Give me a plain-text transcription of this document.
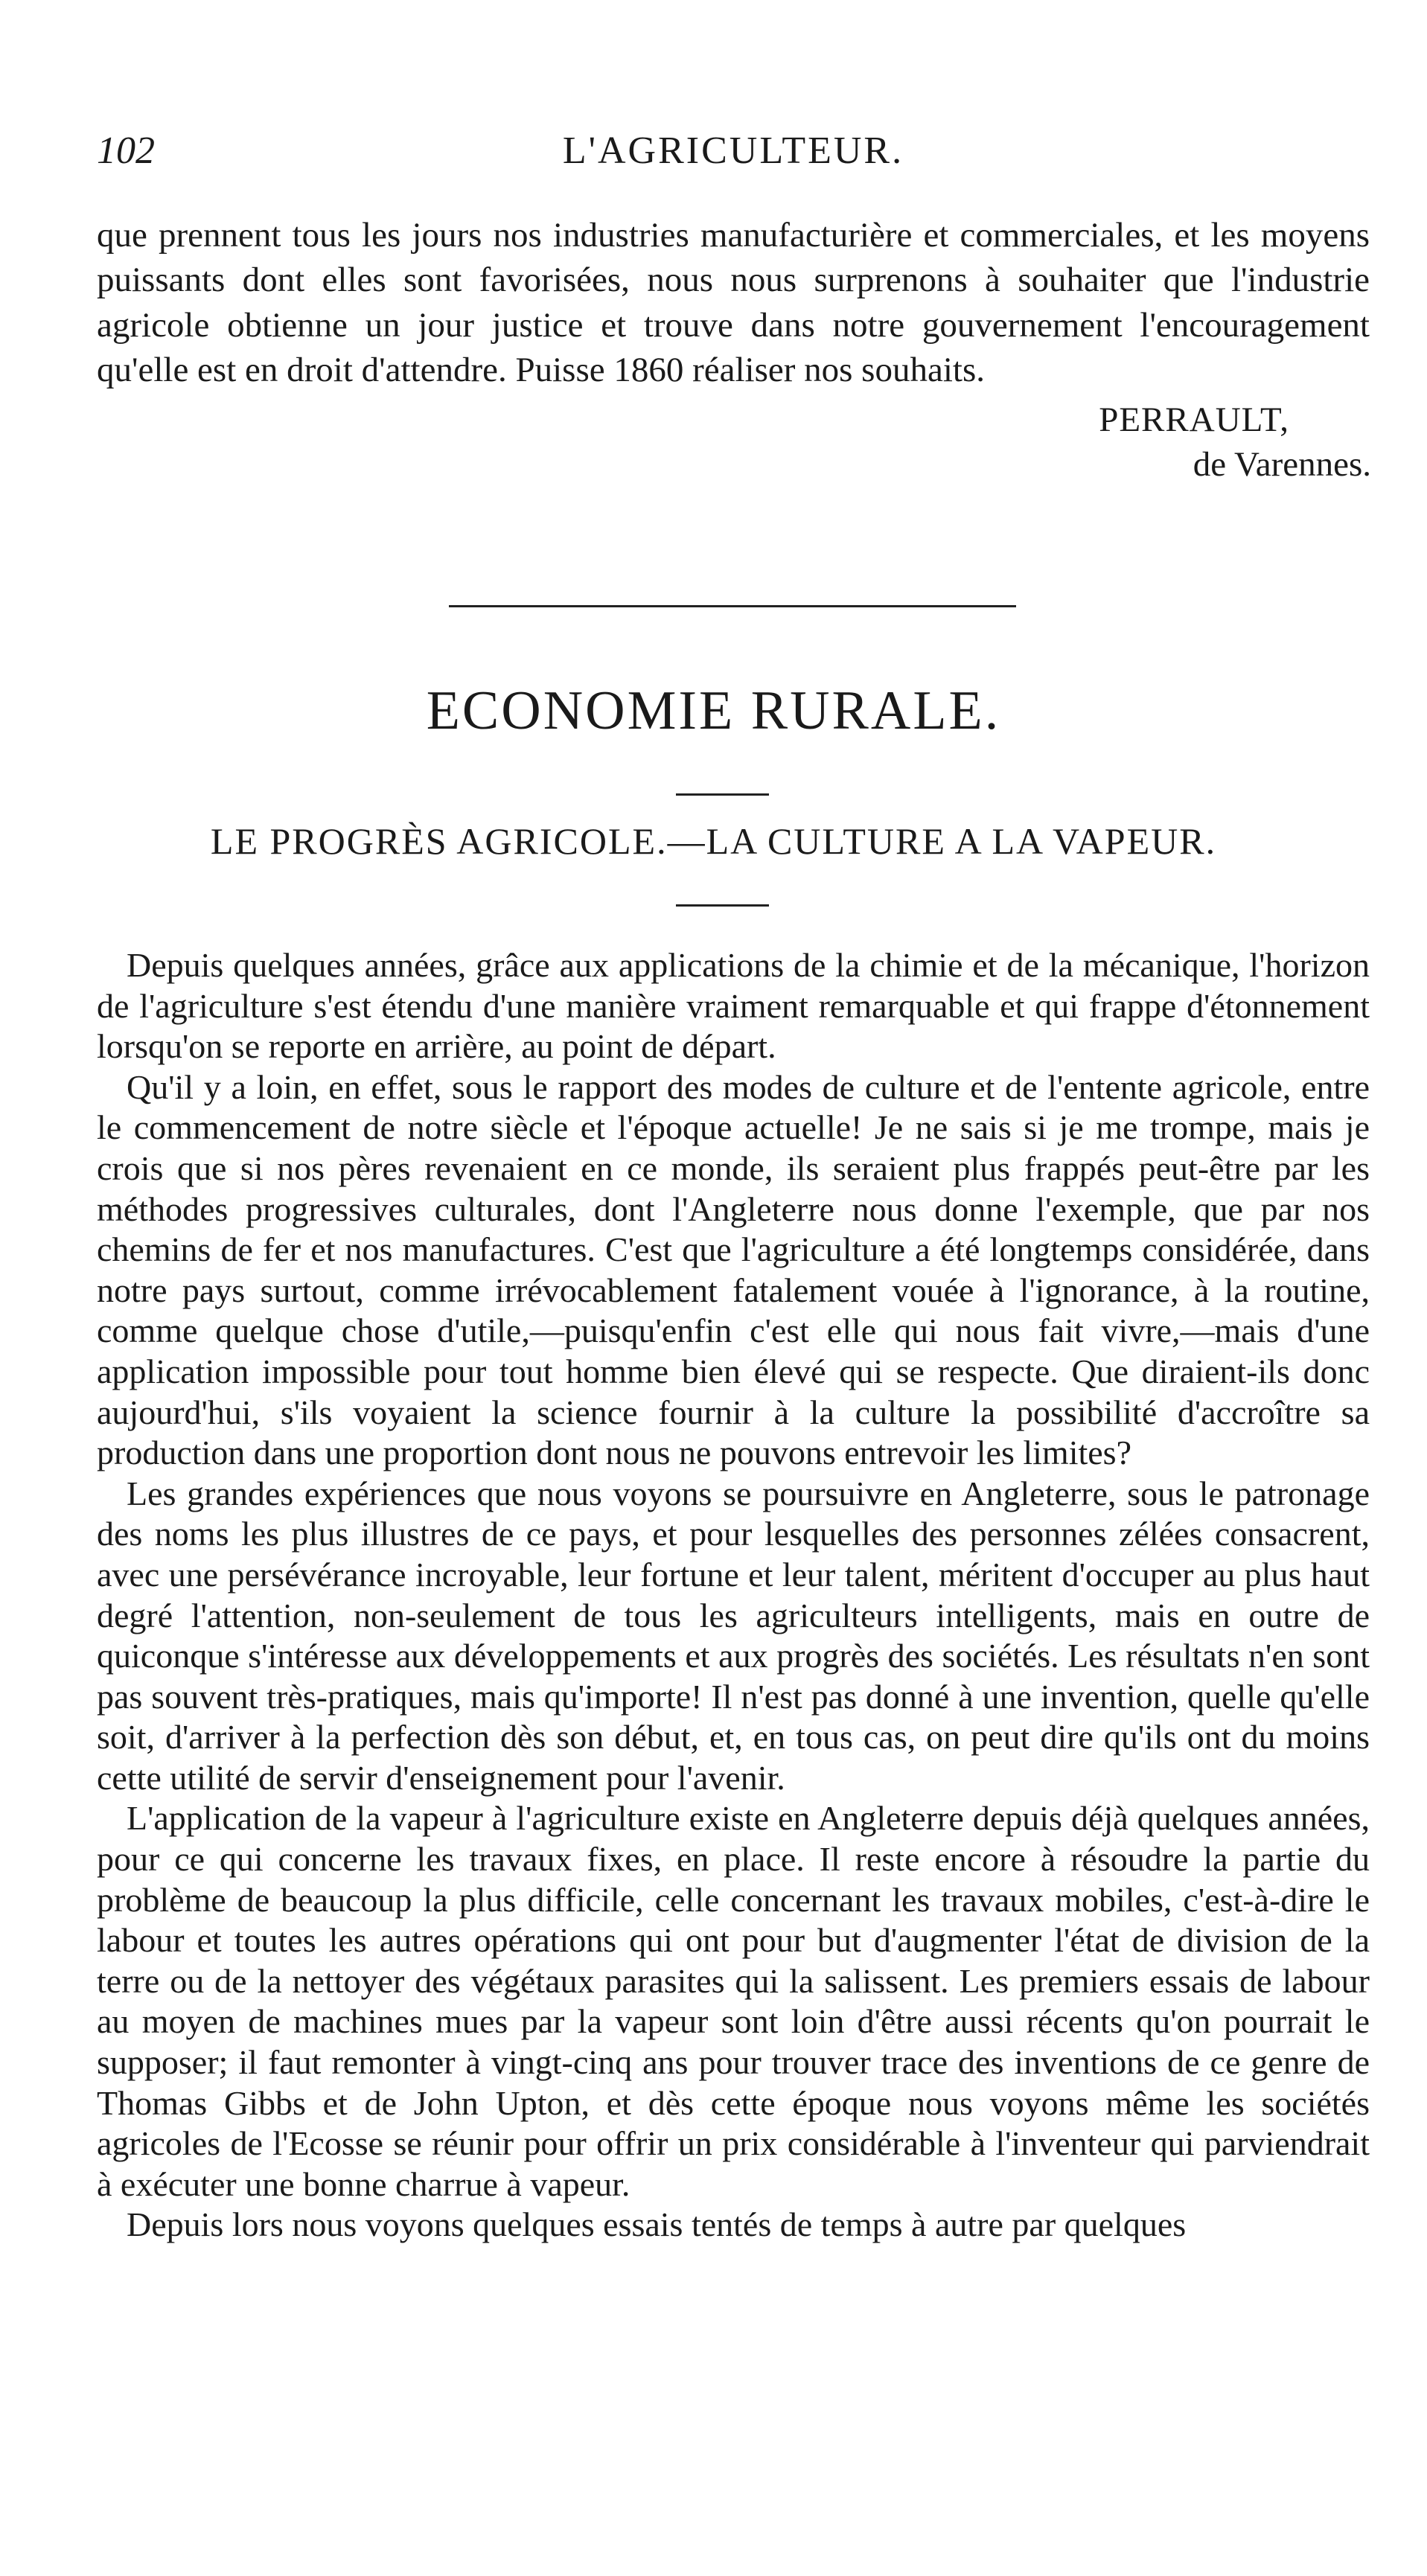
102	L'AGRICULTEUR.

que prennent tous les jours nos industries manufacturière et commerciales, et les moyens puissants dont elles sont favorisées, nous nous surprenons à souhaiter que l'industrie agricole obtienne un jour justice et trouve dans notre gouvernement l'encouragement qu'elle est en droit d'attendre. Puisse 1860 réaliser nos souhaits.

PERRAULT,
de Varennes.
ECONOMIE RURALE.
LE PROGRÈS AGRICOLE.—LA CULTURE A LA VAPEUR.

Depuis quelques années, grâce aux applications de la chimie et de la mécanique, l'horizon de l'agriculture s'est étendu d'une manière vraiment remarquable et qui frappe d'étonnement lorsqu'on se reporte en arrière, au point de départ.

Qu'il y a loin, en effet, sous le rapport des modes de culture et de l'entente agricole, entre le commencement de notre siècle et l'époque actuelle! Je ne sais si je me trompe, mais je crois que si nos pères revenaient en ce monde, ils seraient plus frappés peut-être par les méthodes progressives culturales, dont l'Angleterre nous donne l'exemple, que par nos chemins de fer et nos manufactures. C'est que l'agriculture a été longtemps considérée, dans notre pays surtout, comme irrévocablement fatalement vouée à l'ignorance, à la routine, comme quelque chose d'utile,—puisqu'enfin c'est elle qui nous fait vivre,—mais d'une application impossible pour tout homme bien élevé qui se respecte. Que diraient-ils donc aujourd'hui, s'ils voyaient la science fournir à la culture la possibilité d'accroître sa production dans une proportion dont nous ne pouvons entrevoir les limites?

Les grandes expériences que nous voyons se poursuivre en Angleterre, sous le patronage des noms les plus illustres de ce pays, et pour lesquelles des personnes zélées consacrent, avec une persévérance incroyable, leur fortune et leur talent, méritent d'occuper au plus haut degré l'attention, non-seulement de tous les agriculteurs intelligents, mais en outre de quiconque s'intéresse aux développements et aux progrès des sociétés. Les résultats n'en sont pas souvent très-pratiques, mais qu'importe! Il n'est pas donné à une invention, quelle qu'elle soit, d'arriver à la perfection dès son début, et, en tous cas, on peut dire qu'ils ont du moins cette utilité de servir d'enseignement pour l'avenir.

L'application de la vapeur à l'agriculture existe en Angleterre depuis déjà quelques années, pour ce qui concerne les travaux fixes, en place. Il reste encore à résoudre la partie du problème de beaucoup la plus difficile, celle concernant les travaux mobiles, c'est-à-dire le labour et toutes les autres opérations qui ont pour but d'augmenter l'état de division de la terre ou de la nettoyer des végétaux parasites qui la salissent. Les premiers essais de labour au moyen de machines mues par la vapeur sont loin d'être aussi récents qu'on pourrait le supposer; il faut remonter à vingt-cinq ans pour trouver trace des inventions de ce genre de Thomas Gibbs et de John Upton, et dès cette époque nous voyons même les sociétés agricoles de l'Ecosse se réunir pour offrir un prix considérable à l'inventeur qui parviendrait à exécuter une bonne charrue à vapeur.

Depuis lors nous voyons quelques essais tentés de temps à autre par quelques
